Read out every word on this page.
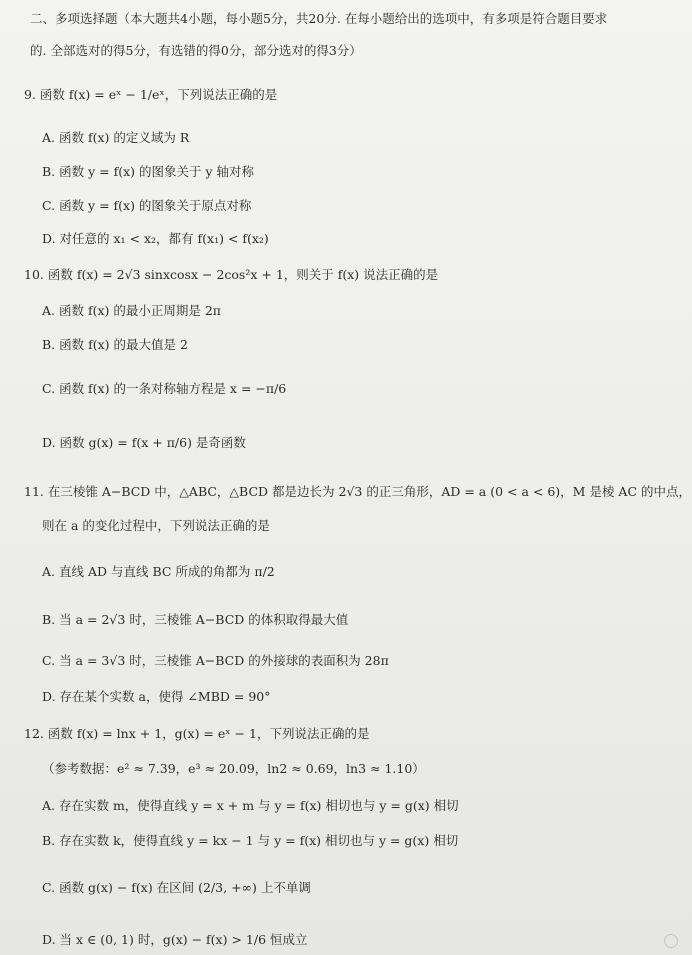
二、多项选择题（本大题共4小题，每小题5分，共20分. 在每小题给出的选项中，有多项是符合题目要求
的. 全部选对的得5分，有选错的得0分，部分选对的得3分）
9. 函数 f(x) = eˣ − 1/eˣ，下列说法正确的是
A. 函数 f(x) 的定义域为 R
B. 函数 y = f(x) 的图象关于 y 轴对称
C. 函数 y = f(x) 的图象关于原点对称
D. 对任意的 x₁ < x₂，都有 f(x₁) < f(x₂)
10. 函数 f(x) = 2√3 sinxcosx − 2cos²x + 1，则关于 f(x) 说法正确的是
A. 函数 f(x) 的最小正周期是 2π
B. 函数 f(x) 的最大值是 2
C. 函数 f(x) 的一条对称轴方程是 x = −π/6
D. 函数 g(x) = f(x + π/6) 是奇函数
11. 在三棱锥 A−BCD 中，△ABC，△BCD 都是边长为 2√3 的正三角形，AD = a (0 < a < 6)，M 是棱 AC 的中点，
则在 a 的变化过程中，下列说法正确的是
A. 直线 AD 与直线 BC 所成的角都为 π/2
B. 当 a = 2√3 时，三棱锥 A−BCD 的体积取得最大值
C. 当 a = 3√3 时，三棱锥 A−BCD 的外接球的表面积为 28π
D. 存在某个实数 a，使得 ∠MBD = 90°
12. 函数 f(x) = lnx + 1，g(x) = eˣ − 1，下列说法正确的是
（参考数据：e² ≈ 7.39，e³ ≈ 20.09，ln2 ≈ 0.69，ln3 ≈ 1.10）
A. 存在实数 m，使得直线 y = x + m 与 y = f(x) 相切也与 y = g(x) 相切
B. 存在实数 k，使得直线 y = kx − 1 与 y = f(x) 相切也与 y = g(x) 相切
C. 函数 g(x) − f(x) 在区间 (2/3, +∞) 上不单调
D. 当 x ∈ (0, 1) 时，g(x) − f(x) > 1/6 恒成立
